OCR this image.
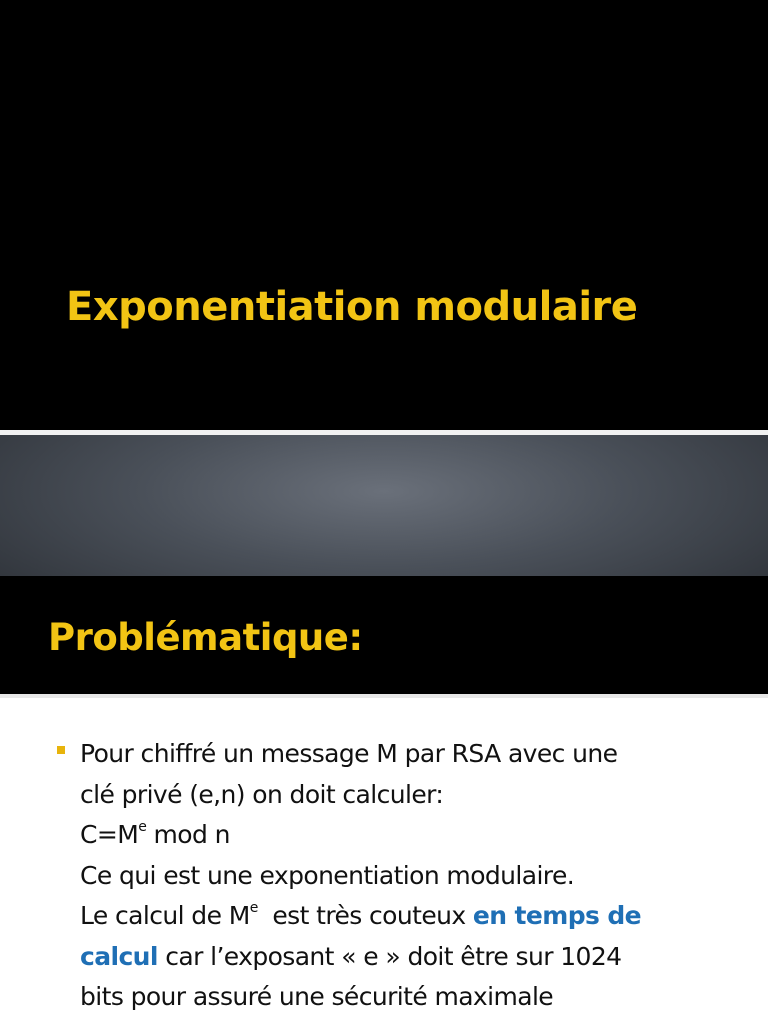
Exponentiation modulaire
Problématique:
Pour chiffré un message M par RSA avec une
clé privé (e,n) on doit calculer:
$C=M^e$ mod n
Ce qui est une exponentiation modulaire.
Le calcul de Me  est très couteux en temps de
calcul car l’exposant « e » doit être sur 1024
bits pour assuré une sécurité maximale
